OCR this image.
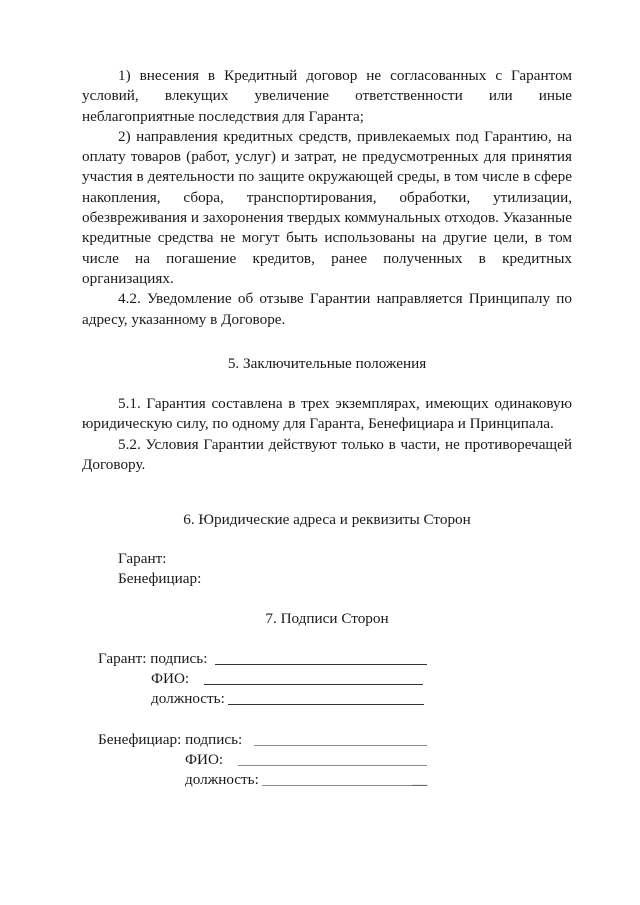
1) внесения в Кредитный договор не согласованных с Гарантом условий, влекущих увеличение ответственности или иные неблагоприятные последствия для Гаранта;

2) направления кредитных средств, привлекаемых под Гарантию, на оплату товаров (работ, услуг) и затрат, не предусмотренных для принятия участия в деятельности по защите окружающей среды, в том числе в сфере накопления, сбора, транспортирования, обработки, утилизации, обезвреживания и захоронения твердых коммунальных отходов. Указанные кредитные средства не могут быть использованы на другие цели, в том числе на погашение кредитов, ранее полученных в кредитных организациях.

4.2. Уведомление об отзыве Гарантии направляется Принципалу по адресу, указанному в Договоре.

5. Заключительные положения

5.1. Гарантия составлена в трех экземплярах, имеющих одинаковую юридическую силу, по одному для Гаранта, Бенефициара и Принципала.

5.2. Условия Гарантии действуют только в части, не противоречащей Договору.

6. Юридические адреса и реквизиты Сторон

Гарант:

Бенефициар:

7. Подписи Сторон

Гарант: подпись:

ФИО:

должность:

Бенефициар: подпись:

ФИО:

должность:	__
